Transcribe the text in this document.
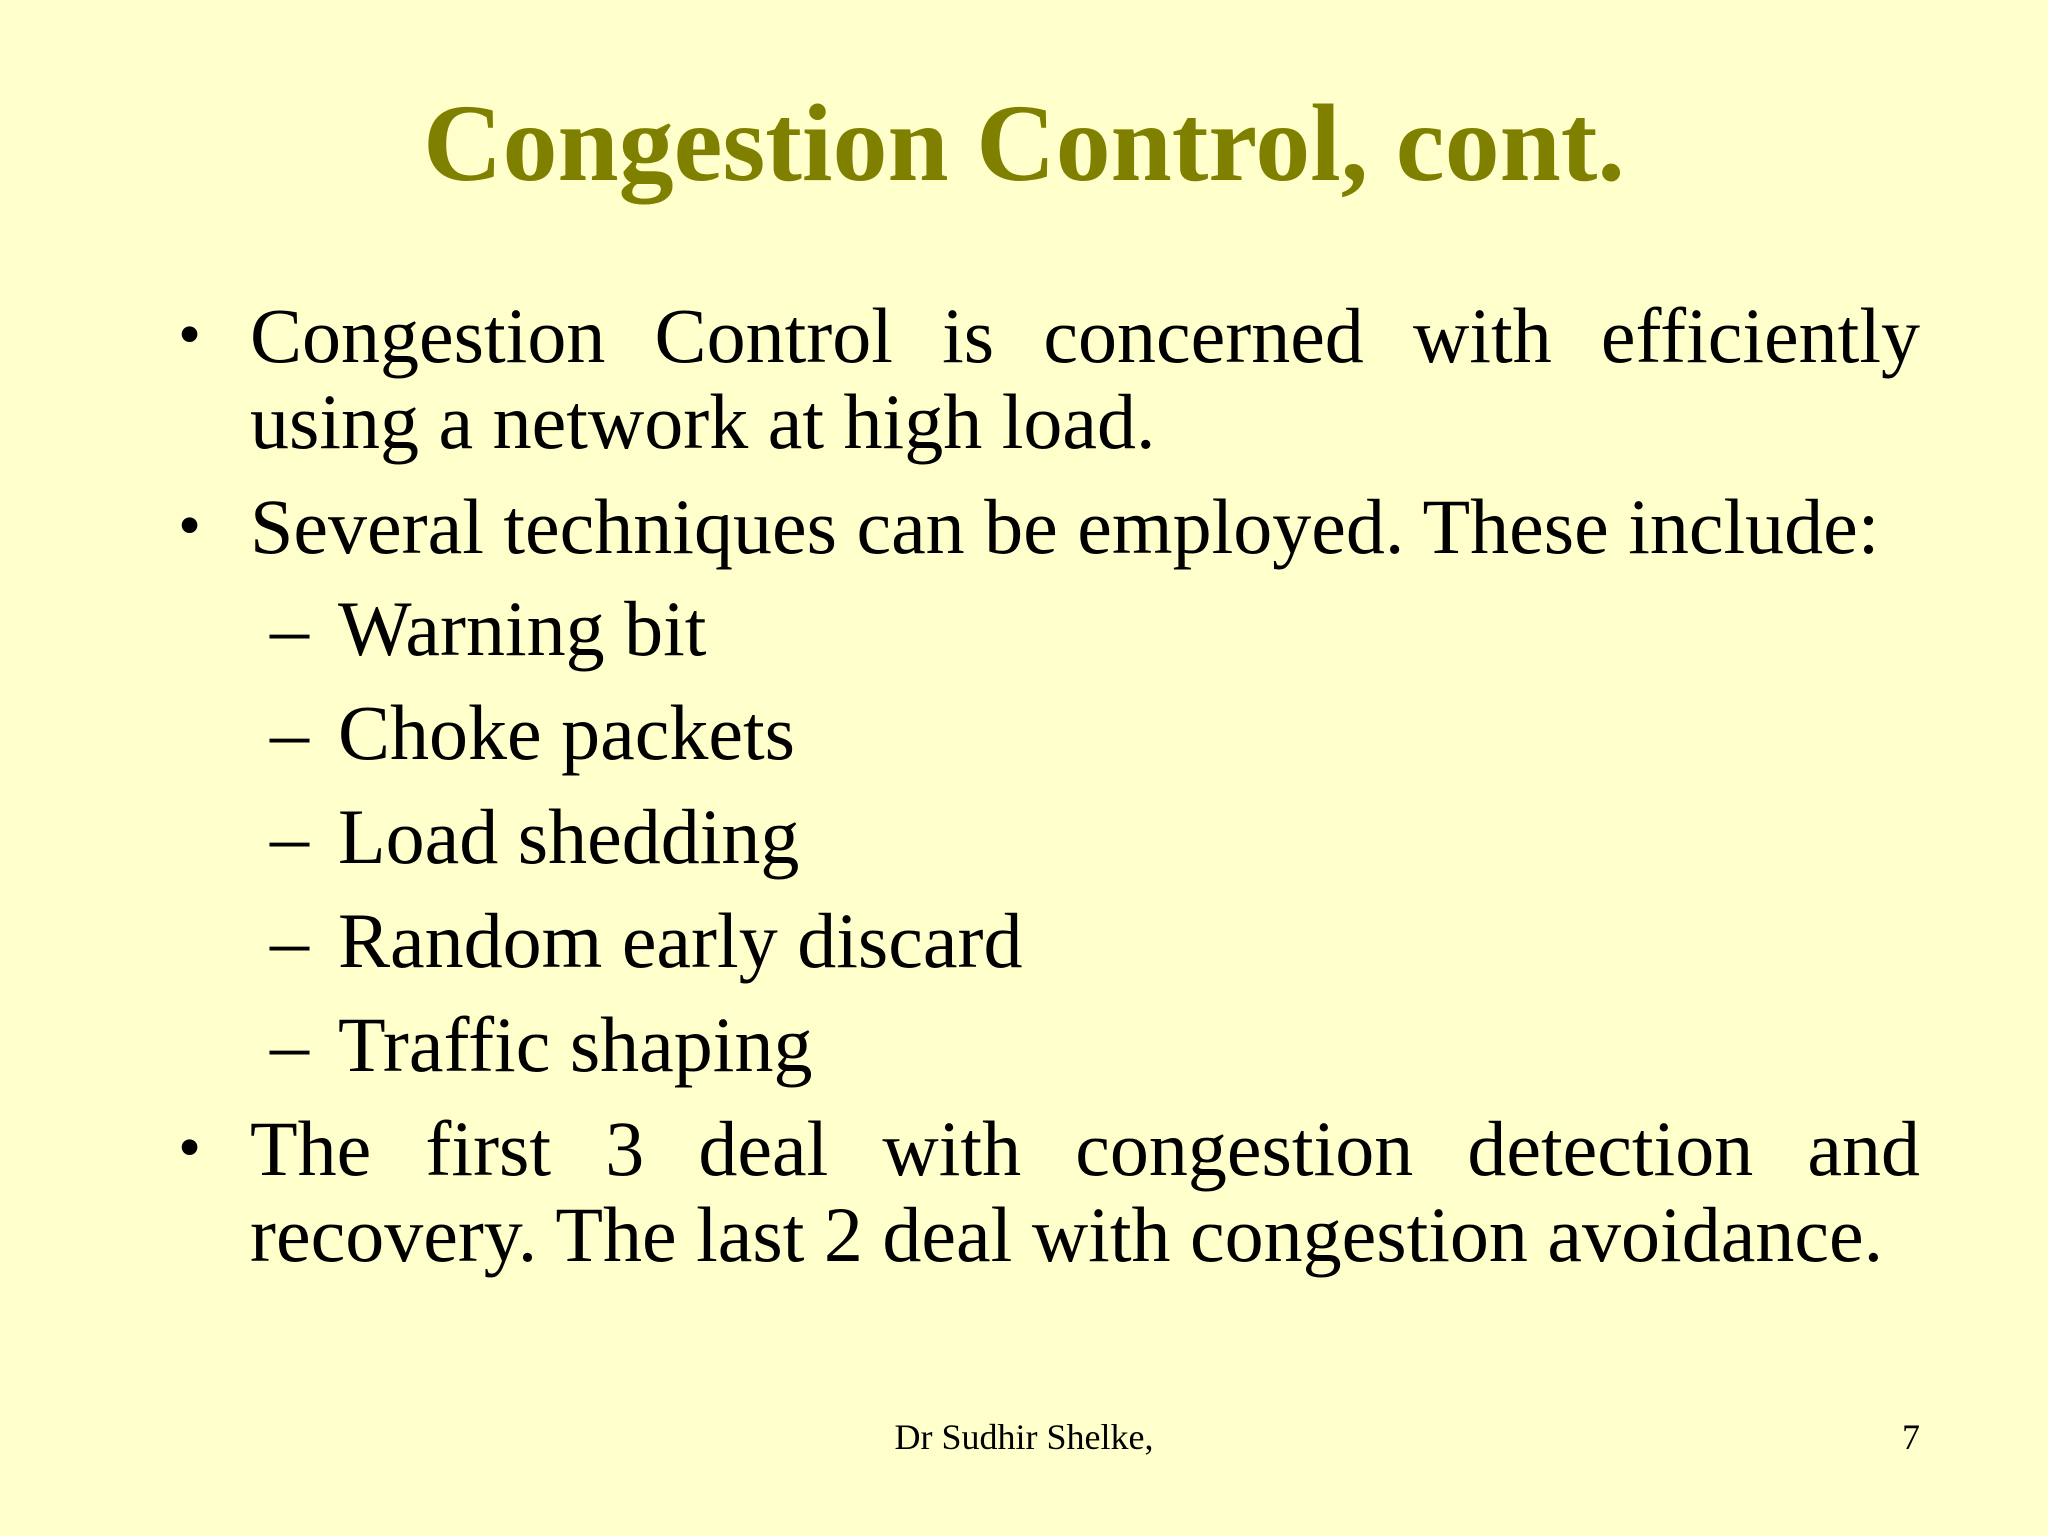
Congestion Control, cont.
• Congestion Control is concerned with efficiently using a network at high load.
• Several techniques can be employed. These include:
– Warning bit
– Choke packets
– Load shedding
– Random early discard
– Traffic shaping
• The first 3 deal with congestion detection and recovery. The last 2 deal with congestion avoidance.
Dr Sudhir Shelke,	7
